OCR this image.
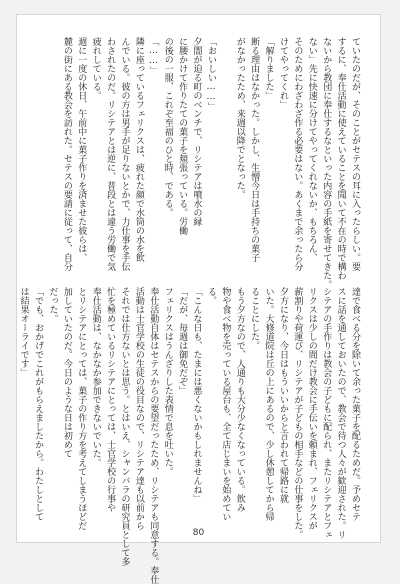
ていたのだが、そのことがセテスの耳に入ったらしい。要
するに、奉仕活動に使えていることを聞いて不在の時で構わ
ないから教団に奉仕するなといった内容の手紙を寄せてきた。
ない」先に快速に分けてやってくれないか、もちろん、
そのためにわざわざ作る必要はない。あくまで余ったら分
けてやってくれ」
「解りました」
断る理由はなかった。しかし、生憎今日は手持ちの菓子
がなかったため、来週以降でとなった。

「おいしい……」
夕闇が迫る町のベンチで、リシテアは噴水の縁
に腰かけて作りたての菓子を頬張っている。労働
の後の一服、これぞ至福のひと時、である。
「……」
隣に座っているフェリクスは、疲れた顔で水筒の水を飲
んでいる。彼の方は男手が足りないとかで、力仕事を手伝
わされたのだ。リシテアとは逆に、普段とは違う労働で気
疲れしている。
週に一度の休日、午前中に菓子作りを済ませた彼らは、
麓の街にある教会を訪れた。セテスの要請に従って、自分
達で食べる分を除いて余った菓子を配るためだ。予めセテ
スに話を通しておいたので、教会で待つ人々が歓迎された。リ
シテアの手作りは教会の子どもに配られ、またリシテアとフェ
リクスは少しの間だけ教会に手伝いを頼まれ、フェリクスが
薪割りや荷運び、リシテアが子どもの相手などの仕事をした。
夕方になり、今日はもういいからと言われて帰路に就
いた。大修道院は丘の上にあるので、少し休憩してから帰
ることにした。
もう夕方なので、人通りも大分少なくなっている。飲み
物や食べ物を売っている屋台も、全て店じまいを始めてい
る。
「こんな日も、たまには悪くないかもしれませんね」
「だが、毎週は御免だぞ」
フェリクスはうんざりした表情で息を吐いた。
奉仕活動自体はセテスからの要望だったため、リシテアも同意する。奉仕
活動は士官学校の生徒の役目なので、リシテア達も以前から
それでは仕方ないとは思う。とはいえ、シャンバラの研究員として多
忙を極めているリシテアにとっては、士官学校の行事や
奉仕活動は、なかなか参加できないでいた。
とリシテアにとっては、菓子の作り方を考えてしまうほどだ
加していたのだ。今日のような日は初めて
だった。
「でも、おかげでこれがもらえましたから。わたしとして
は結果オーライです」
80
